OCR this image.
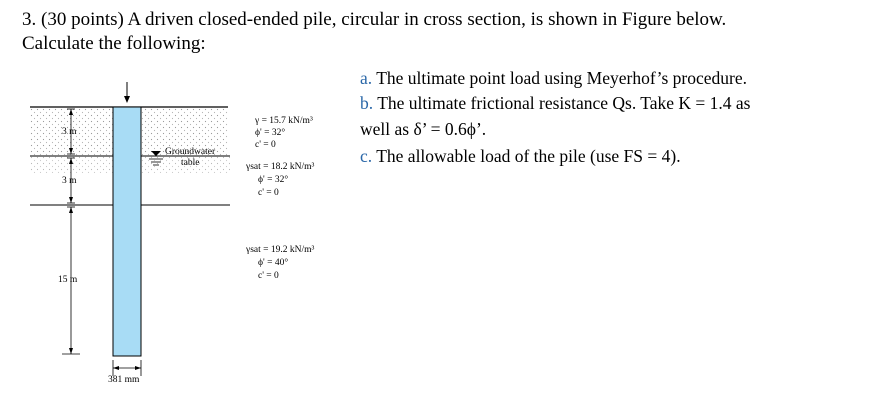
3. (30 points) A driven closed-ended pile, circular in cross section, is shown in Figure below.
Calculate the following:
a. The ultimate point load using Meyerhof’s procedure.
b. The ultimate frictional resistance Qs. Take K = 1.4 as
well as δ’ = 0.6ϕ’.
c. The allowable load of the pile (use FS = 4).
3 m
3 m
15 m
381 mm
Groundwater
table
γ = 15.7 kN/m³
ϕ' = 32°
c' = 0
γsat = 18.2 kN/m³
ϕ' = 32°
c' = 0
γsat = 19.2 kN/m³
ϕ' = 40°
c' = 0
